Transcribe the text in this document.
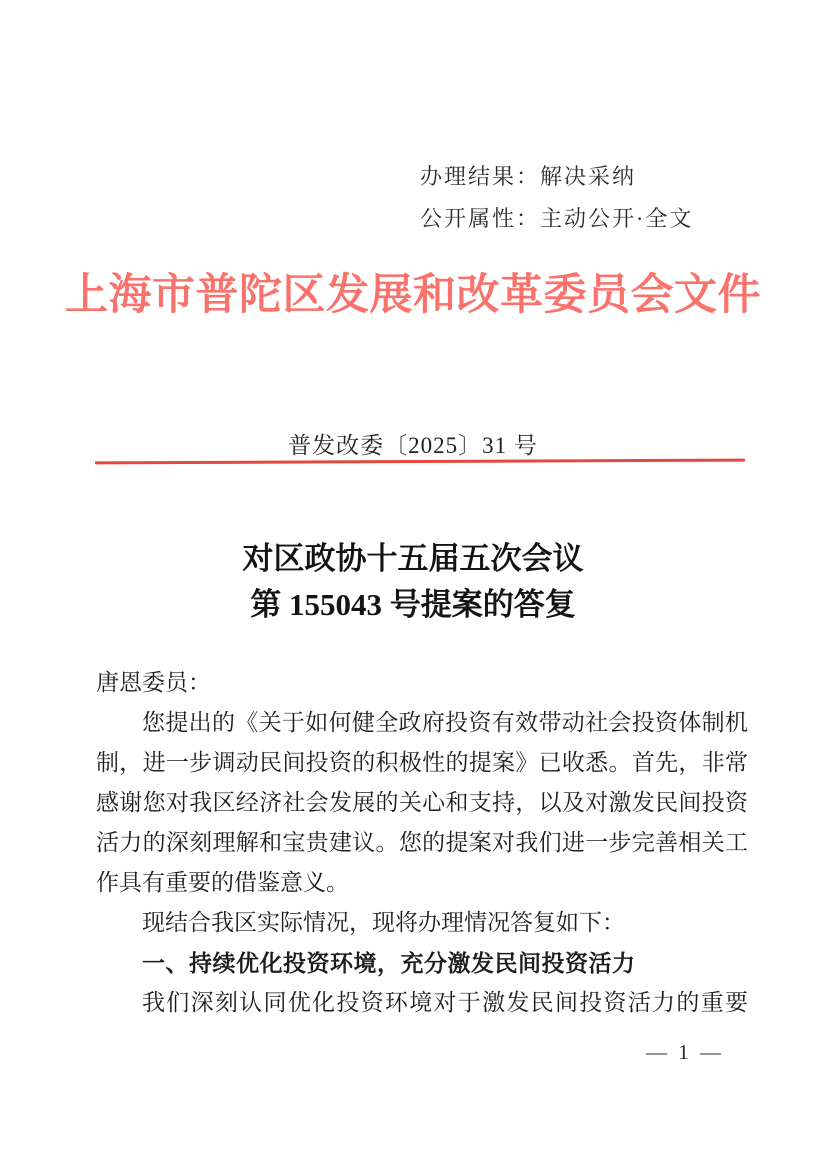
办理结果：解决采纳
公开属性：主动公开·全文
上海市普陀区发展和改革委员会文件
普发改委〔2025〕31 号
对区政协十五届五次会议
第 155043 号提案的答复
唐恩委员：
您提出的《关于如何健全政府投资有效带动社会投资体制机
制，进一步调动民间投资的积极性的提案》已收悉。首先，非常
感谢您对我区经济社会发展的关心和支持，以及对激发民间投资
活力的深刻理解和宝贵建议。您的提案对我们进一步完善相关工
作具有重要的借鉴意义。
现结合我区实际情况，现将办理情况答复如下：
一、持续优化投资环境，充分激发民间投资活力
我们深刻认同优化投资环境对于激发民间投资活力的重要
— 1 —
